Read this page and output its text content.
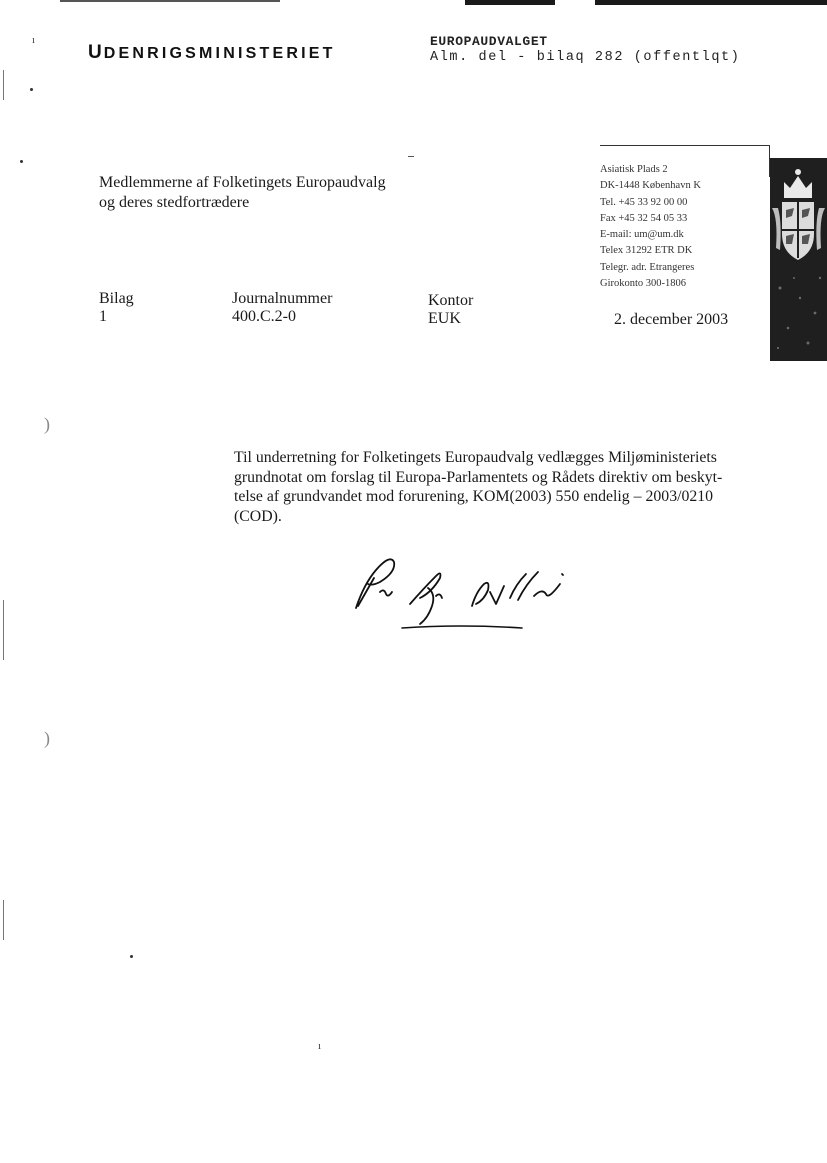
UDENRIGSMINISTERIET
EUROPAUDVALGET
Alm. del - bilaq 282 (offentlqt)
Medlemmerne af Folketingets Europaudvalg
og deres stedfortrædere
Asiatisk Plads 2
DK-1448 København K
Tel. +45 33 92 00 00
Fax +45 32 54 05 33
E-mail: um@um.dk
Telex 31292 ETR DK
Telegr. adr. Etrangeres
Girokonto 300-1806
Bilag
1
Journalnummer
400.C.2-0
Kontor
EUK	2. december 2003
Til underretning for Folketingets Europaudvalg vedlægges Miljøministeriets
grundnotat om forslag til Europa-Parlamentets og Rådets direktiv om beskyt-
telse af grundvandet mod forurening, KOM(2003) 550 endelig – 2003/0210
(COD).
)
)
ı
ı
